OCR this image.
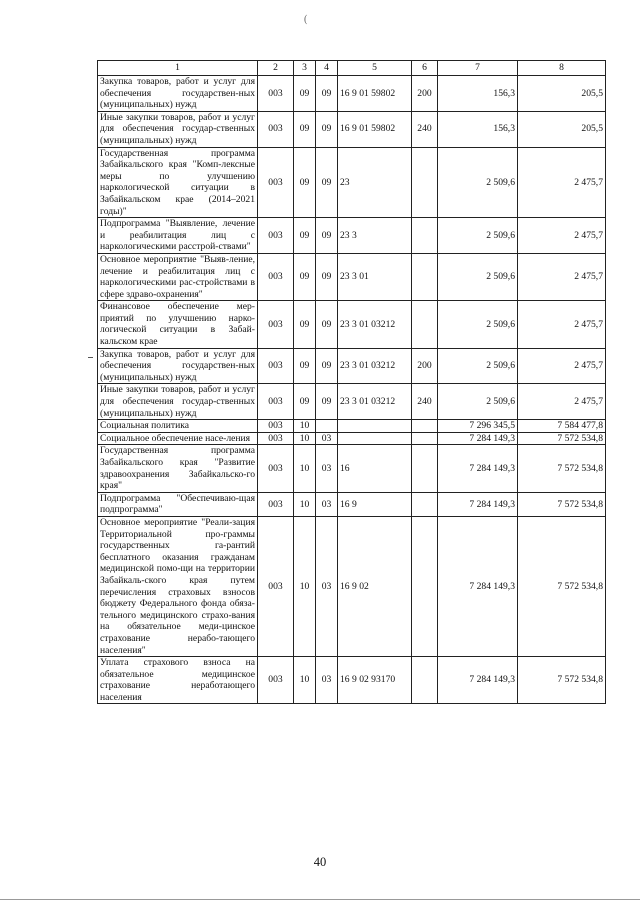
(
1	2	3	4	5	6	7	8
Закупка товаров, работ и услуг для обеспечения государствен-ных (муниципальных) нужд	003	09	09	16 9 01 59802	200	156,3	205,5
Иные закупки товаров, работ и услуг для обеспечения государ-ственных (муниципальных) нужд	003	09	09	16 9 01 59802	240	156,3	205,5
Государственная программа Забайкальского края "Комп-лексные меры по улучшению наркологической ситуации в Забайкальском крае (2014–2021 годы)"	003	09	09	23		2 509,6	2 475,7
Подпрограмма "Выявление, лечение и реабилитация лиц с наркологическими расстрой-ствами"	003	09	09	23 3		2 509,6	2 475,7
Основное мероприятие "Выяв-ление, лечение и реабилитация лиц с наркологическими рас-стройствами в сфере здраво-охранения"	003	09	09	23 3 01		2 509,6	2 475,7
Финансовое обеспечение мер-приятий по улучшению нарко-логической ситуации в Забай-кальском крае	003	09	09	23 3 01 03212		2 509,6	2 475,7
Закупка товаров, работ и услуг для обеспечения государствен-ных (муниципальных) нужд	003	09	09	23 3 01 03212	200	2 509,6	2 475,7
Иные закупки товаров, работ и услуг для обеспечения государ-ственных (муниципальных) нужд	003	09	09	23 3 01 03212	240	2 509,6	2 475,7
Социальная политика	003	10				7 296 345,5	7 584 477,8
Социальное обеспечение насе-ления	003	10	03			7 284 149,3	7 572 534,8
Государственная программа Забайкальского края "Развитие здравоохранения Забайкальско-го края"	003	10	03	16		7 284 149,3	7 572 534,8
Подпрограмма "Обеспечиваю-щая подпрограмма"	003	10	03	16 9		7 284 149,3	7 572 534,8
Основное мероприятие "Реали-зация Территориальной про-граммы государственных га-рантий бесплатного оказания гражданам медицинской помо-щи на территории Забайкаль-ского края путем перечисления страховых взносов бюджету Федерального фонда обяза-тельного медицинского страхо-вания на обязательное меди-цинское страхование нерабо-тающего населения"	003	10	03	16 9 02		7 284 149,3	7 572 534,8
Уплата страхового взноса на обязательное медицинское страхование неработающего населения	003	10	03	16 9 02 93170		7 284 149,3	7 572 534,8
40
